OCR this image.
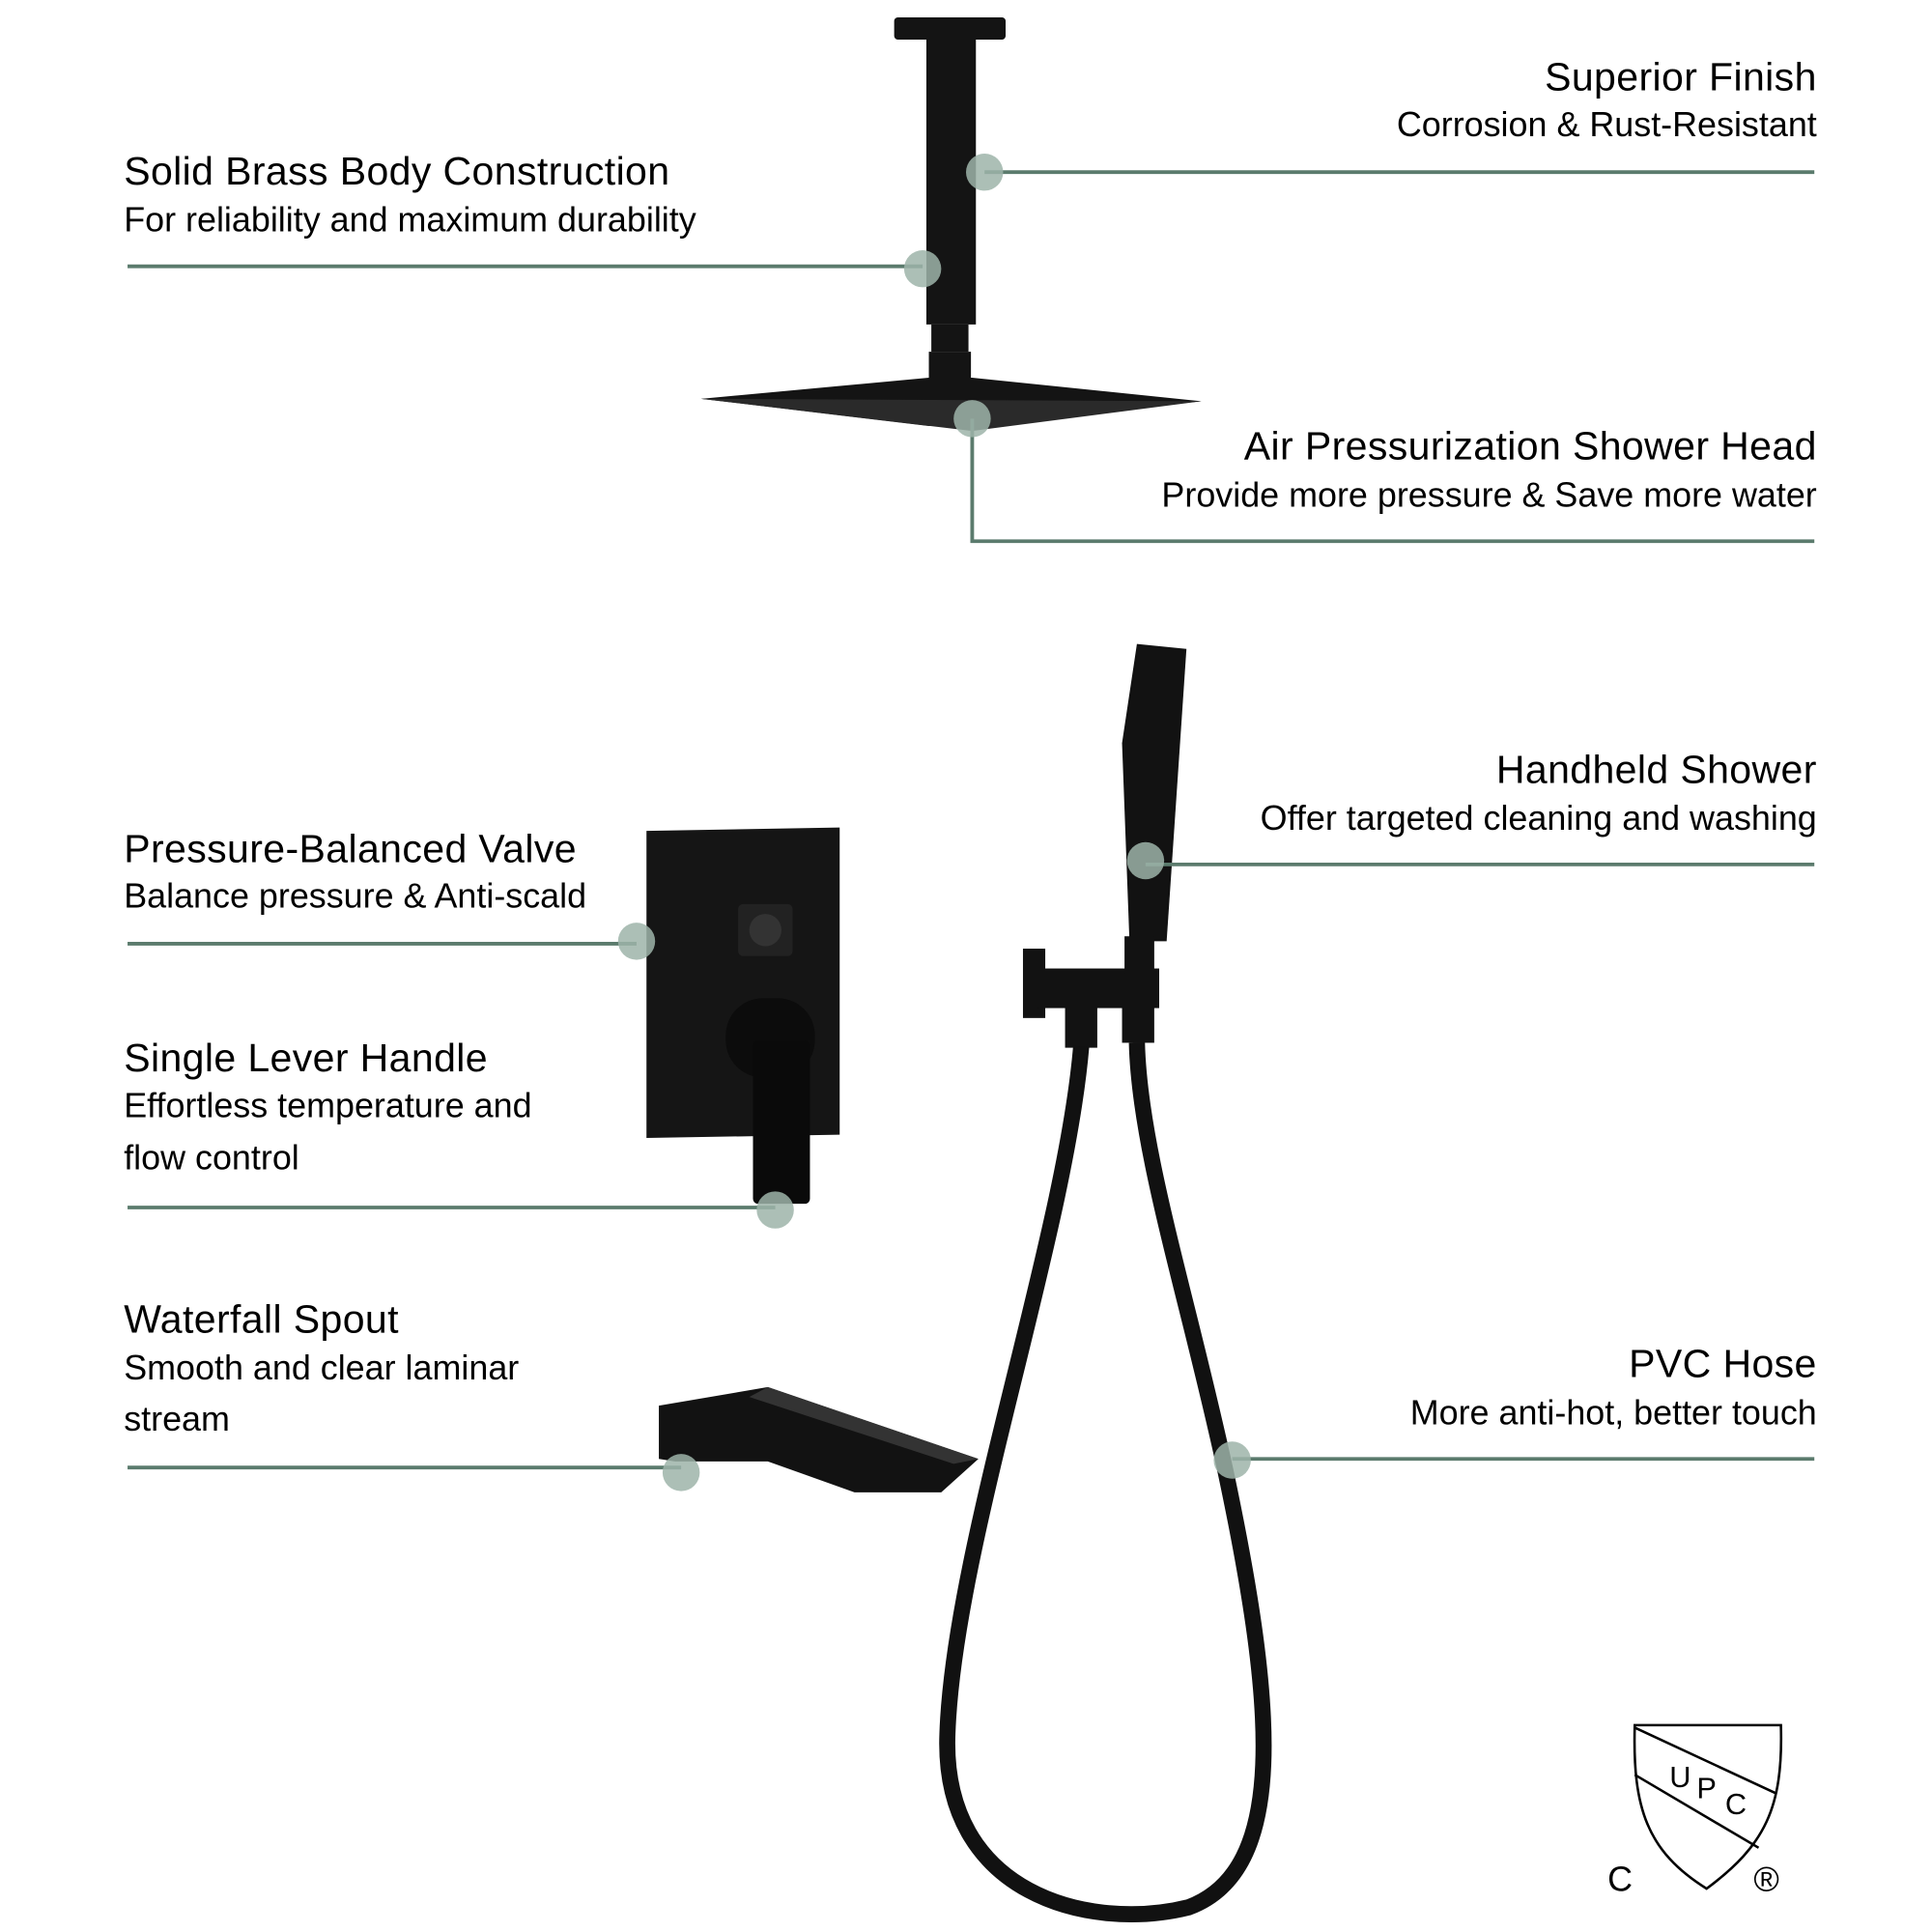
U P C
C	®
Superior Finish
Corrosion & Rust-Resistant
Solid Brass Body Construction
For reliability and maximum durability
Air Pressurization Shower Head
Provide more pressure & Save more water
Handheld Shower
Offer targeted cleaning and washing
Pressure-Balanced Valve
Balance pressure & Anti-scald
Single Lever Handle
Effortless temperature and
flow control
Waterfall Spout
Smooth and clear laminar
stream
PVC Hose
More anti-hot, better touch
